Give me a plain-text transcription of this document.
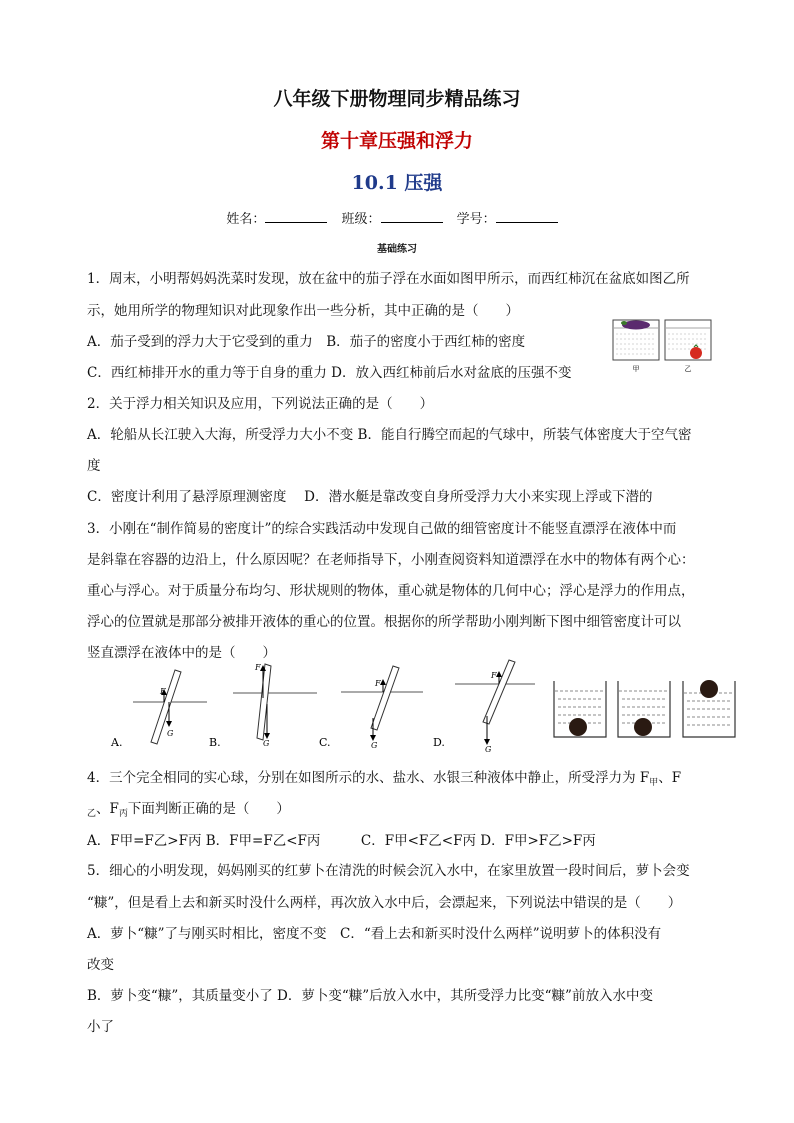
八年级下册物理同步精品练习
第十章压强和浮力
10.1 压强
姓名：	班级：	学号：
基础练习
1．周末，小明帮妈妈洗菜时发现，放在盆中的茄子浮在水面如图甲所示，而西红柿沉在盆底如图乙所
示，她用所学的物理知识对此现象作出一些分析，其中正确的是（　　）
A．茄子受到的浮力大于它受到的重力　B．茄子的密度小于西红柿的密度
C．西红柿排开水的重力等于自身的重力 D．放入西红柿前后水对盆底的压强不变	甲	乙
2．关于浮力相关知识及应用，下列说法正确的是（　　）
A．轮船从长江驶入大海，所受浮力大小不变 B．能自行腾空而起的气球中，所装气体密度大于空气密
度
C．密度计利用了悬浮原理测密度　 D．潜水艇是靠改变自身所受浮力大小来实现上浮或下潜的
3．小刚在“制作简易的密度计”的综合实践活动中发现自己做的细管密度计不能竖直漂浮在液体中而
是斜靠在容器的边沿上，什么原因呢？在老师指导下，小刚查阅资料知道漂浮在水中的物体有两个心：
重心与浮心。对于质量分布均匀、形状规则的物体，重心就是物体的几何中心；浮心是浮力的作用点，
浮心的位置就是那部分被排开液体的重心的位置。根据你的所学帮助小刚判断下图中细管密度计可以
竖直漂浮在液体中的是（　　）
F
G
A.
F
G
B.
F
G
C.
F
G
D.
4．三个完全相同的实心球，分别在如图所示的水、盐水、水银三种液体中静止，所受浮力为 $F_甲$、F
$_乙$、$F_丙$下面判断正确的是（　　）
A．F甲=F乙>F丙 B．F甲=F乙<F丙　　　C．F甲<F乙<F丙 D．F甲>F乙>F丙
5．细心的小明发现，妈妈刚买的红萝卜在清洗的时候会沉入水中，在家里放置一段时间后，萝卜会变
“糠”，但是看上去和新买时没什么两样，再次放入水中后，会漂起来，下列说法中错误的是（　　）
A．萝卜“糠”了与刚买时相比，密度不变　C．“看上去和新买时没什么两样”说明萝卜的体积没有
改变
B．萝卜变“糠”，其质量变小了 D．萝卜变“糠”后放入水中，其所受浮力比变“糠”前放入水中变
小了
